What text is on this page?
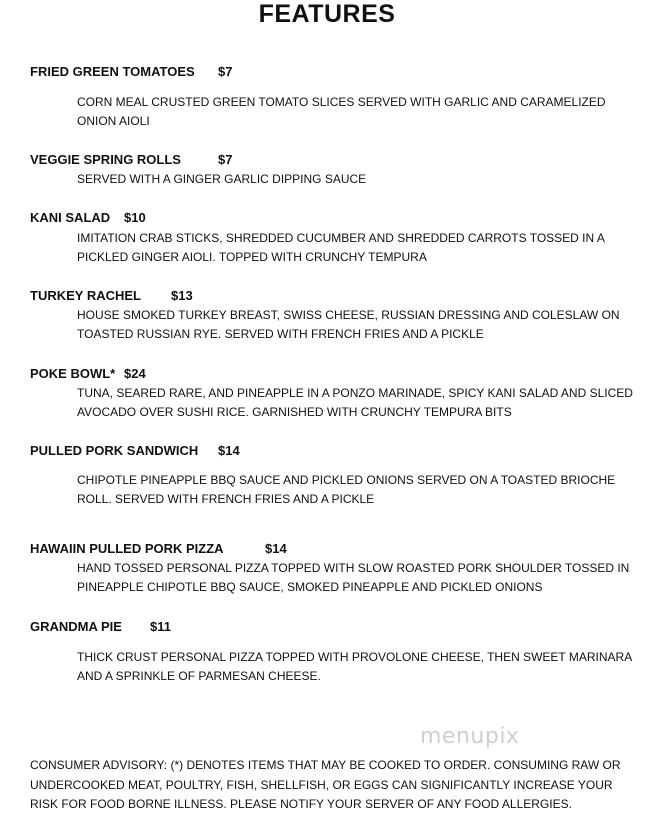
FEATURES
FRIED GREEN TOMATOES $7
CORN MEAL CRUSTED GREEN TOMATO SLICES SERVED WITH GARLIC AND CARAMELIZED ONION AIOLI
VEGGIE SPRING ROLLS	$7
SERVED WITH A GINGER GARLIC DIPPING SAUCE
KANI SALAD $10
IMITATION CRAB STICKS, SHREDDED CUCUMBER AND SHREDDED CARROTS TOSSED IN A PICKLED GINGER AIOLI. TOPPED WITH CRUNCHY TEMPURA
TURKEY RACHEL $13
HOUSE SMOKED TURKEY BREAST, SWISS CHEESE, RUSSIAN DRESSING AND COLESLAW ON TOASTED RUSSIAN RYE. SERVED WITH FRENCH FRIES AND A PICKLE
POKE BOWL* $24
TUNA, SEARED RARE, AND PINEAPPLE IN A PONZO MARINADE, SPICY KANI SALAD AND SLICED AVOCADO OVER SUSHI RICE. GARNISHED WITH CRUNCHY TEMPURA BITS
PULLED PORK SANDWICH $14
CHIPOTLE PINEAPPLE BBQ SAUCE AND PICKLED ONIONS SERVED ON A TOASTED BRIOCHE ROLL. SERVED WITH FRENCH FRIES AND A PICKLE
HAWAIIN PULLED PORK PIZZA	$14
HAND TOSSED PERSONAL PIZZA TOPPED WITH SLOW ROASTED PORK SHOULDER TOSSED IN PINEAPPLE CHIPOTLE BBQ SAUCE, SMOKED PINEAPPLE AND PICKLED ONIONS
GRANDMA PIE $11
THICK CRUST PERSONAL PIZZA TOPPED WITH PROVOLONE CHEESE, THEN SWEET MARINARA AND A SPRINKLE OF PARMESAN CHEESE.
menupix
CONSUMER ADVISORY: (*) DENOTES ITEMS THAT MAY BE COOKED TO ORDER. CONSUMING RAW OR UNDERCOOKED MEAT, POULTRY, FISH, SHELLFISH, OR EGGS CAN SIGNIFICANTLY INCREASE YOUR RISK FOR FOOD BORNE ILLNESS. PLEASE NOTIFY YOUR SERVER OF ANY FOOD ALLERGIES.
